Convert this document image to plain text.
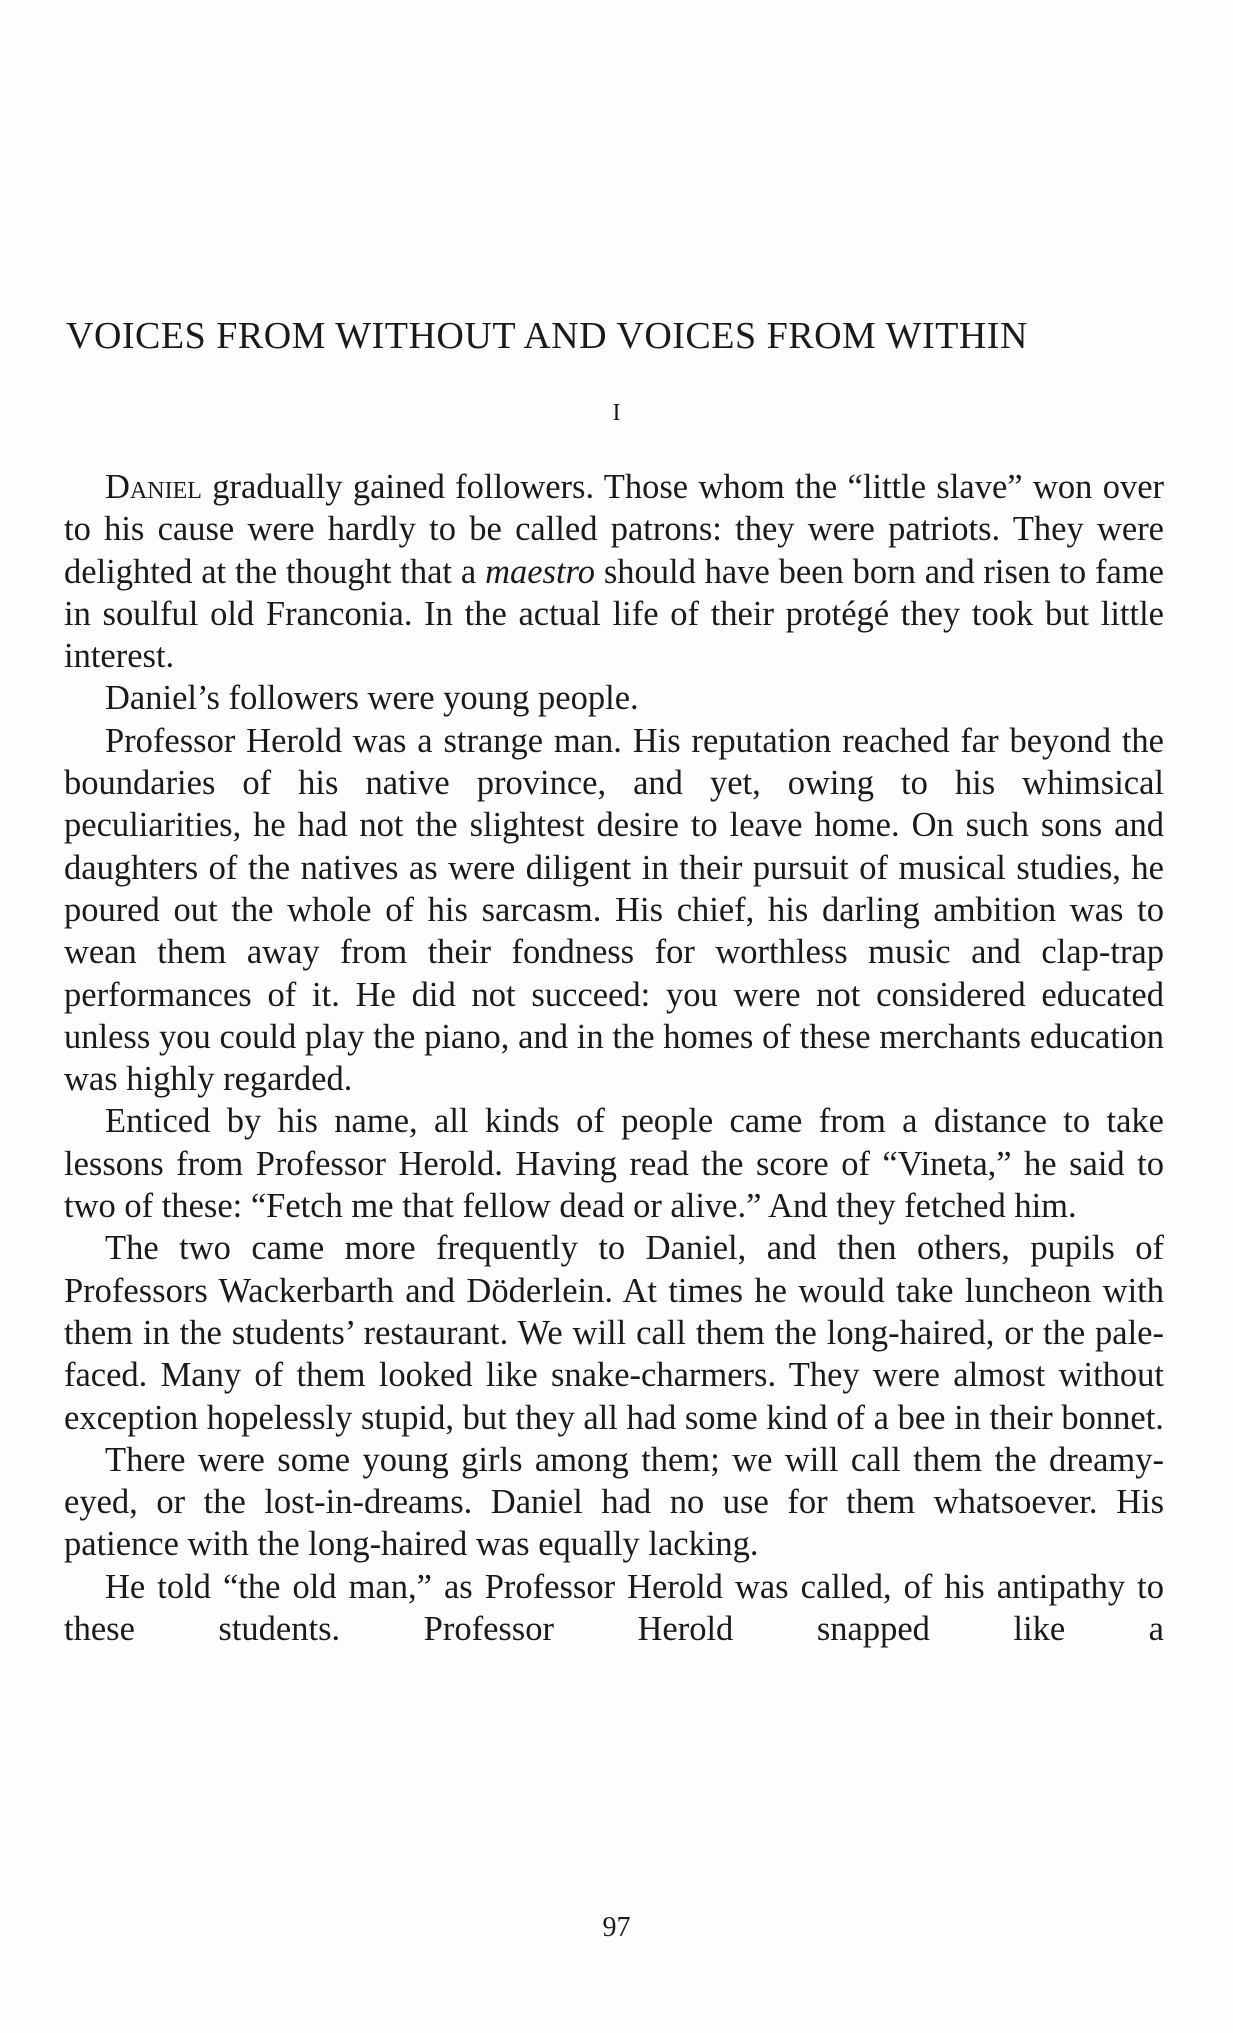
VOICES FROM WITHOUT AND VOICES FROM WITHIN
I

Daniel gradually gained followers. Those whom the “little slave” won over to his cause were hardly to be called patrons: they were patriots. They were delighted at the thought that a maestro should have been born and risen to fame in soulful old Franconia. In the actual life of their protégé they took but little interest.

Daniel’s followers were young people.

Professor Herold was a strange man. His reputation reached far beyond the boundaries of his native province, and yet, owing to his whimsical peculiarities, he had not the slightest desire to leave home. On such sons and daughters of the natives as were diligent in their pursuit of musical studies, he poured out the whole of his sarcasm. His chief, his darling ambition was to wean them away from their fondness for worthless music and clap-trap performances of it. He did not succeed: you were not considered educated unless you could play the piano, and in the homes of these merchants education was highly regarded.

Enticed by his name, all kinds of people came from a distance to take lessons from Professor Herold. Having read the score of “Vineta,” he said to two of these: “Fetch me that fellow dead or alive.” And they fetched him.

The two came more frequently to Daniel, and then others, pupils of Professors Wackerbarth and Döderlein. At times he would take luncheon with them in the students’ restaurant. We will call them the long-haired, or the pale-faced. Many of them looked like snake-charmers. They were almost without exception hopelessly stupid, but they all had some kind of a bee in their bonnet.

There were some young girls among them; we will call them the dreamy-eyed, or the lost-in-dreams. Daniel had no use for them whatsoever. His patience with the long-haired was equally lacking.

He told “the old man,” as Professor Herold was called, of his antipathy to these students. Professor Herold snapped like a

97
